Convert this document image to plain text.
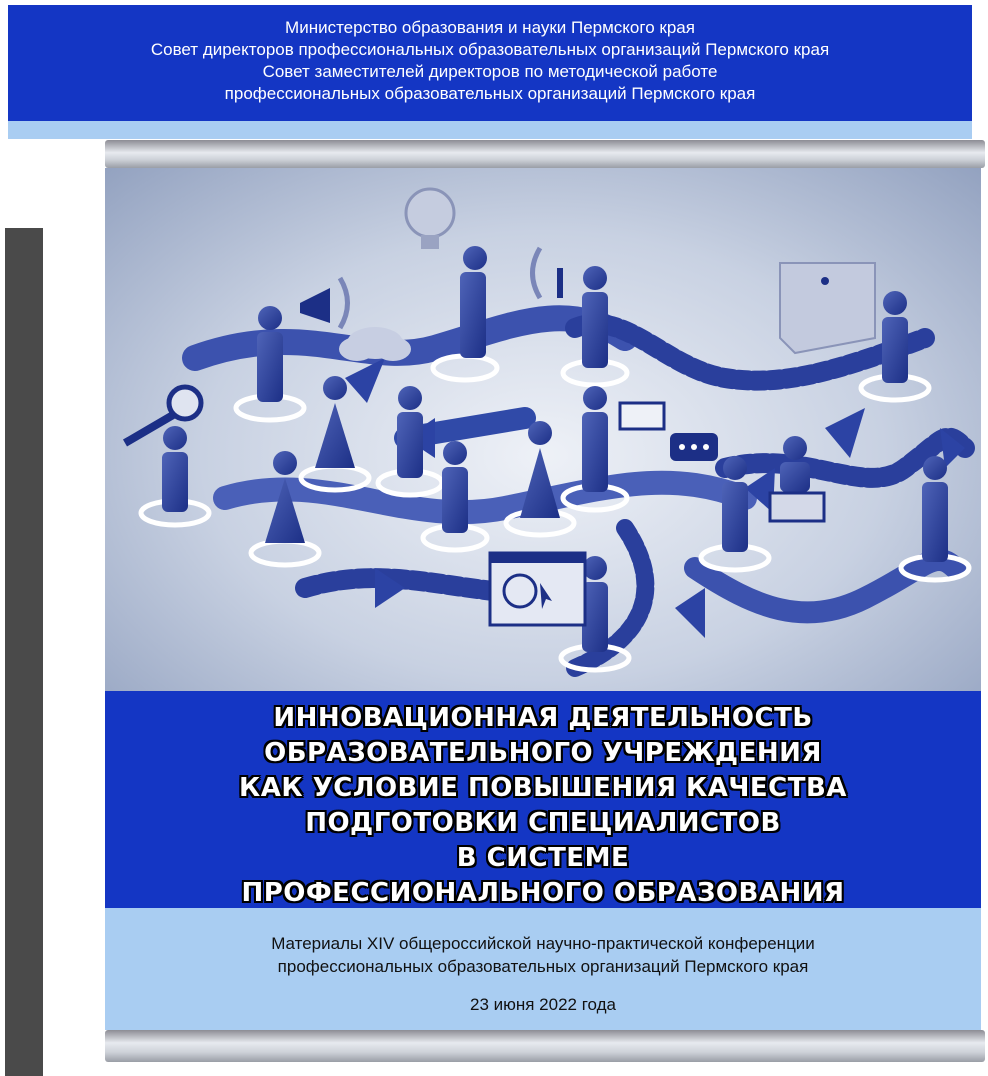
Министерство образования и науки Пермского края
Совет директоров профессиональных образовательных организаций Пермского края
Совет заместителей директоров по методической работе
профессиональных образовательных организаций Пермского края
ИННОВАЦИОННАЯ ДЕЯТЕЛЬНОСТЬ
ОБРАЗОВАТЕЛЬНОГО УЧРЕЖДЕНИЯ
КАК УСЛОВИЕ ПОВЫШЕНИЯ КАЧЕСТВА
ПОДГОТОВКИ СПЕЦИАЛИСТОВ
В СИСТЕМЕ
ПРОФЕССИОНАЛЬНОГО ОБРАЗОВАНИЯ
Материалы XIV общероссийской научно-практической конференции
профессиональных образовательных организаций Пермского края
23 июня 2022 года
